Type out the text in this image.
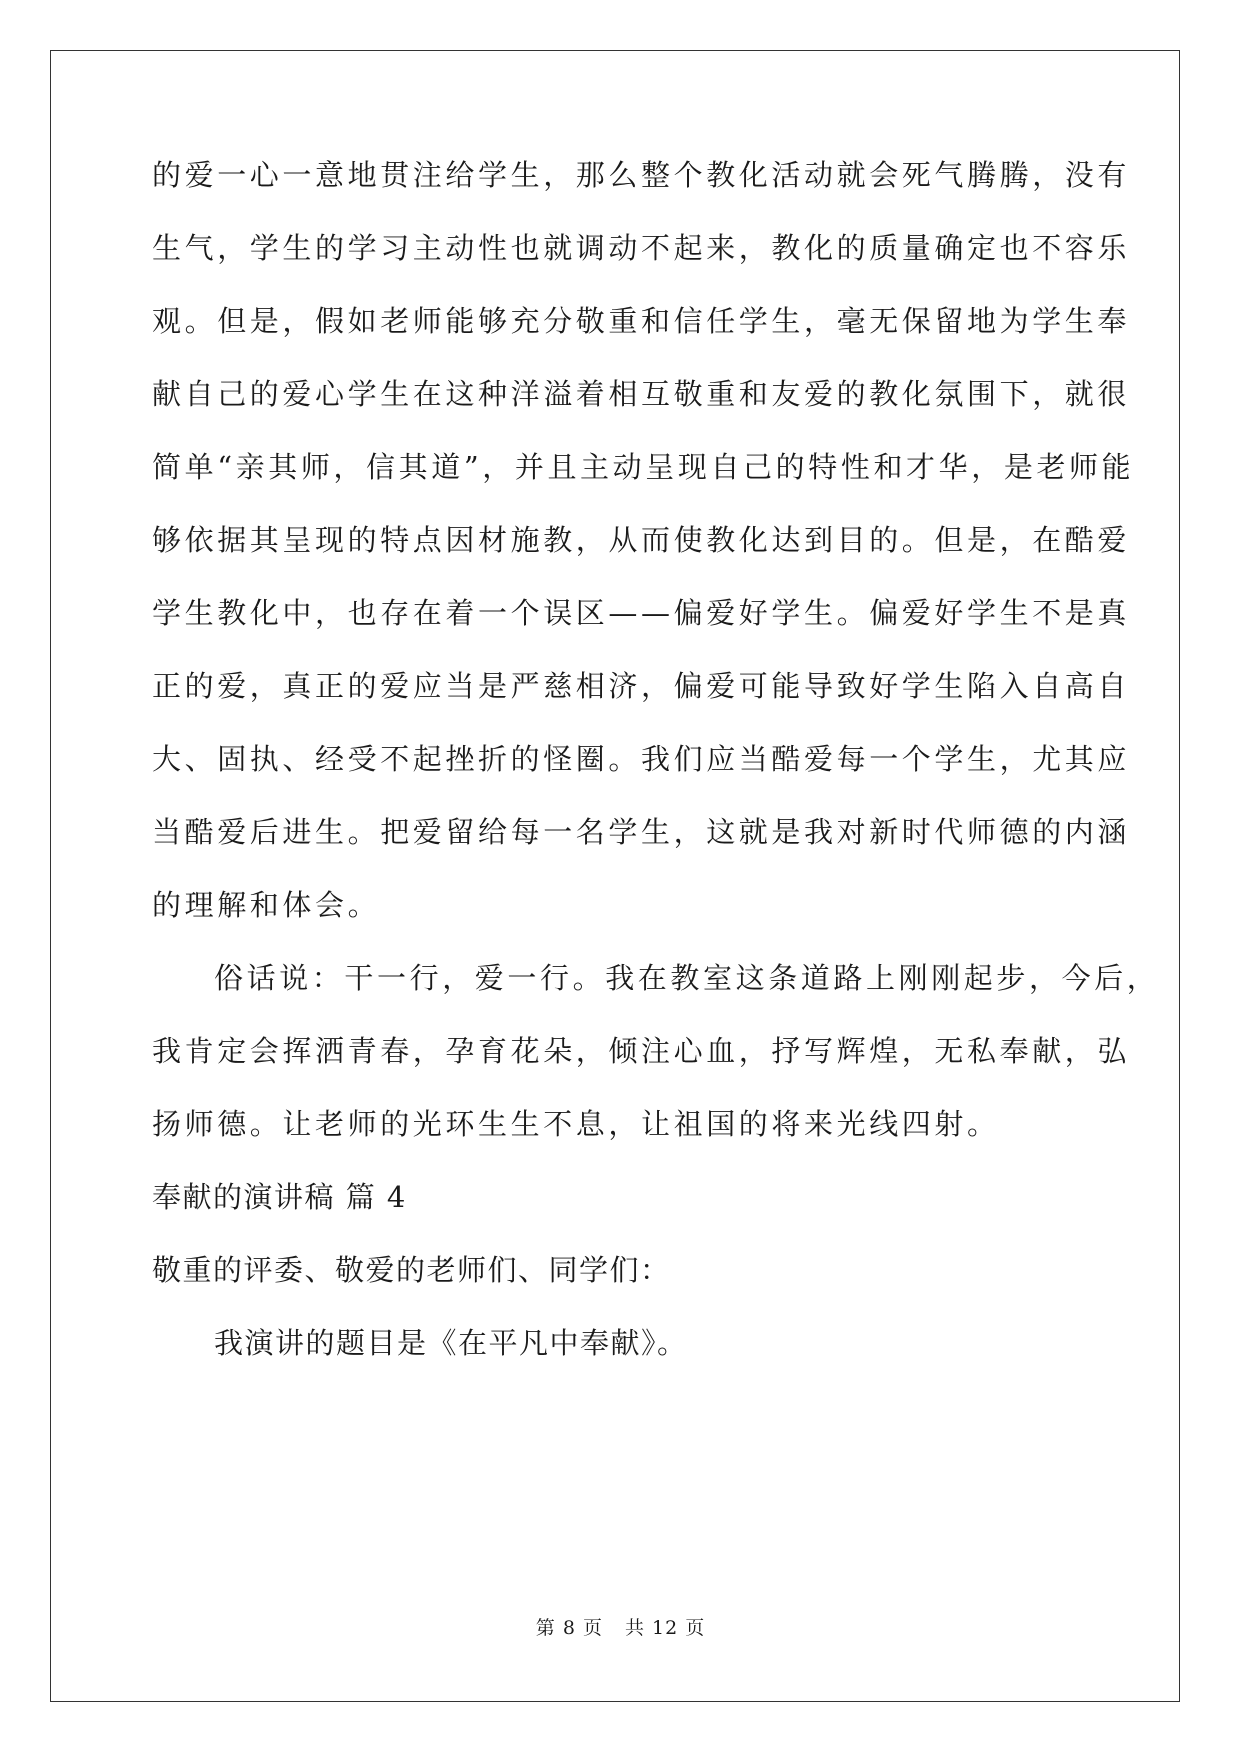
的爱一心一意地贯注给学生，那么整个教化活动就会死气腾腾，没有
生气，学生的学习主动性也就调动不起来，教化的质量确定也不容乐
观。但是，假如老师能够充分敬重和信任学生，毫无保留地为学生奉
献自己的爱心学生在这种洋溢着相互敬重和友爱的教化氛围下，就很
简单“亲其师，信其道”，并且主动呈现自己的特性和才华，是老师能
够依据其呈现的特点因材施教，从而使教化达到目的。但是，在酷爱
学生教化中，也存在着一个误区——偏爱好学生。偏爱好学生不是真
正的爱，真正的爱应当是严慈相济，偏爱可能导致好学生陷入自高自
大、固执、经受不起挫折的怪圈。我们应当酷爱每一个学生，尤其应
当酷爱后进生。把爱留给每一名学生，这就是我对新时代师德的内涵
的理解和体会。
俗话说：干一行，爱一行。我在教室这条道路上刚刚起步，今后，
我肯定会挥洒青春，孕育花朵，倾注心血，抒写辉煌，无私奉献，弘
扬师德。让老师的光环生生不息，让祖国的将来光线四射。
奉献的演讲稿 篇 4
敬重的评委、敬爱的老师们、同学们：
我演讲的题目是《在平凡中奉献》。
第 8 页 共 12 页
